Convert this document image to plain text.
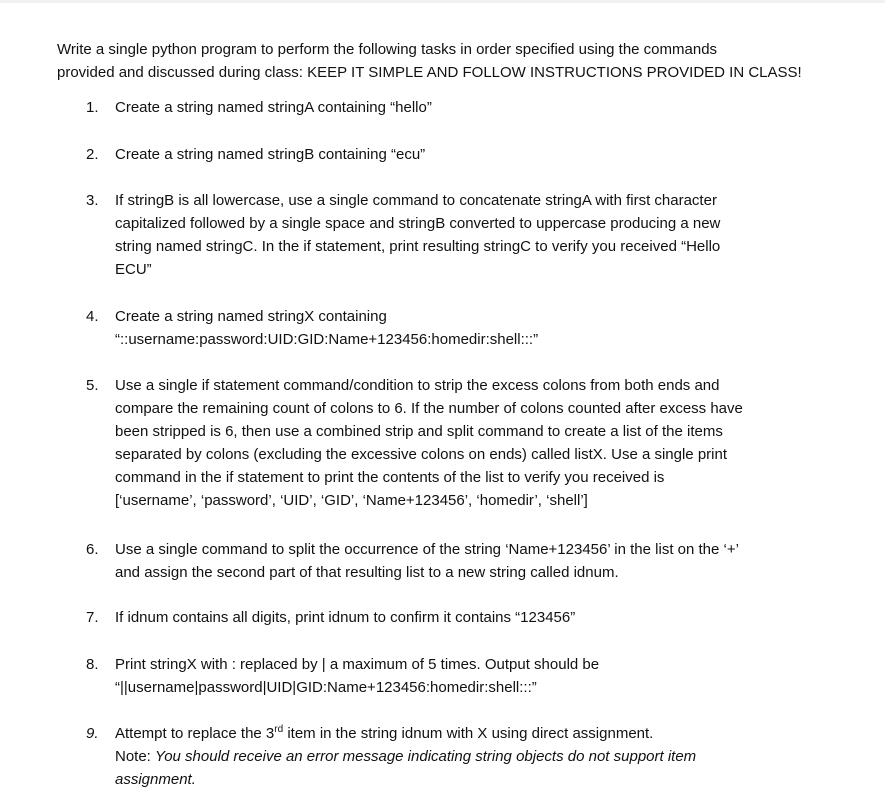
Write a single python program to perform the following tasks in order specified using the commands
provided and discussed during class: KEEP IT SIMPLE AND FOLLOW INSTRUCTIONS PROVIDED IN CLASS!
1.	Create a string named stringA containing “hello”

2.	Create a string named stringB containing “ecu”

3.	If stringB is all lowercase, use a single command to concatenate stringA with first character

capitalized followed by a single space and stringB converted to uppercase producing a new

string named stringC. In the if statement, print resulting stringC to verify you received “Hello

ECU”

4.	Create a string named stringX containing

“::username:password:UID:GID:Name+123456:homedir:shell:::”

5.	Use a single if statement command/condition to strip the excess colons from both ends and

compare the remaining count of colons to 6. If the number of colons counted after excess have

been stripped is 6, then use a combined strip and split command to create a list of the items

separated by colons (excluding the excessive colons on ends) called listX. Use a single print

command in the if statement to print the contents of the list to verify you received is

[‘username’, ‘password’, ‘UID’, ‘GID’, ‘Name+123456’, ‘homedir’, ‘shell’]

6.	Use a single command to split the occurrence of the string ‘Name+123456’ in the list on the ‘+’

and assign the second part of that resulting list to a new string called idnum.

7.	If idnum contains all digits, print idnum to confirm it contains “123456”

8.	Print stringX with : replaced by | a maximum of 5 times. Output should be

“||username|password|UID|GID:Name+123456:homedir:shell:::”

9.	Attempt to replace the 3rd item in the string idnum with X using direct assignment.

Note: You should receive an error message indicating string objects do not support item

assignment.
